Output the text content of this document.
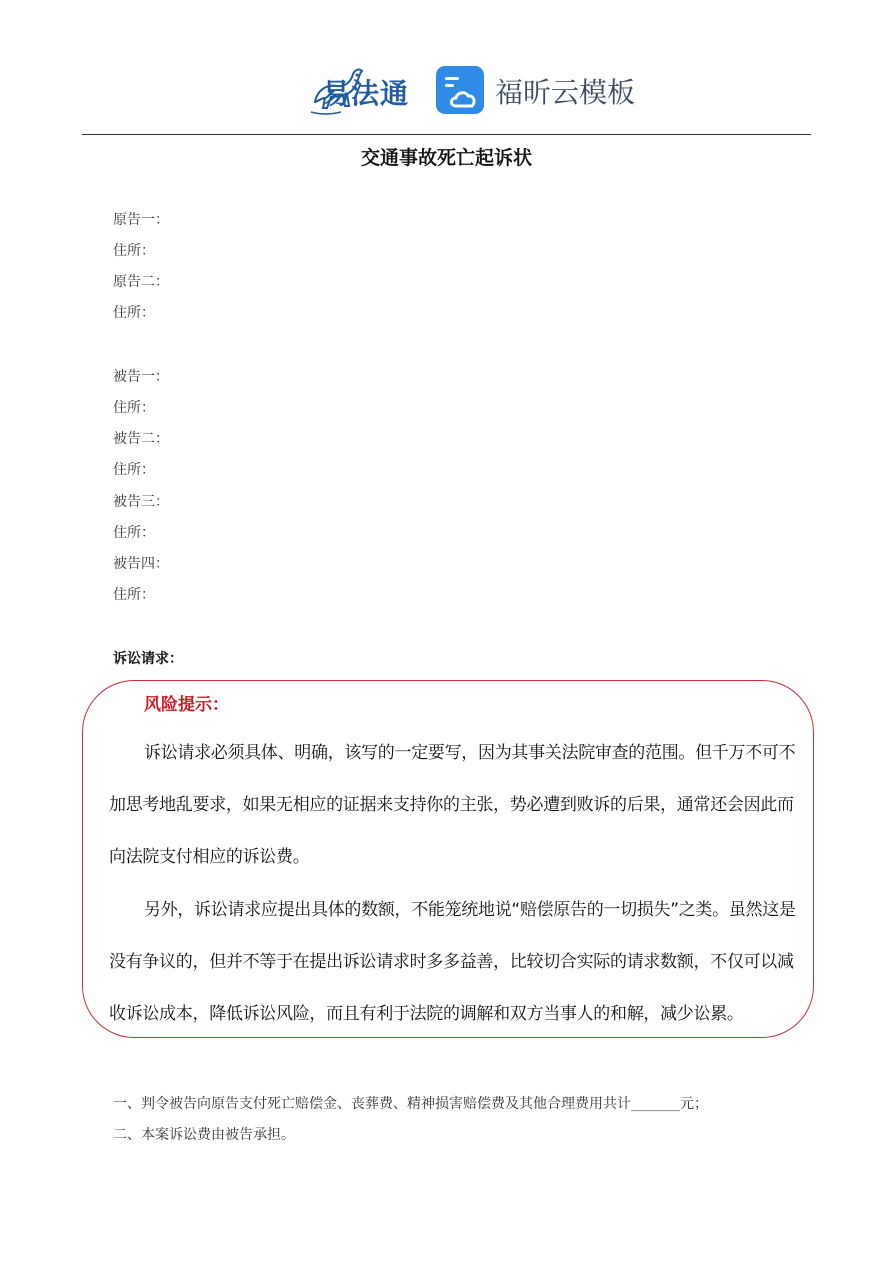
易法通	福昕云模板
交通事故死亡起诉状
原告一：
住所：
原告二：
住所：
被告一：
住所：
被告二：
住所：
被告三：
住所：
被告四：
住所：
诉讼请求：
风险提示：

诉讼请求必须具体、明确，该写的一定要写，因为其事关法院审查的范围。但千万不可不加思考地乱要求，如果无相应的证据来支持你的主张，势必遭到败诉的后果，通常还会因此而向法院支付相应的诉讼费。

另外，诉讼请求应提出具体的数额，不能笼统地说“赔偿原告的一切损失”之类。虽然这是没有争议的，但并不等于在提出诉讼请求时多多益善，比较切合实际的请求数额，不仅可以减收诉讼成本，降低诉讼风险，而且有利于法院的调解和双方当事人的和解，减少讼累。

一、判令被告向原告支付死亡赔偿金、丧葬费、精神损害赔偿费及其他合理费用共计_______元；
二、本案诉讼费由被告承担。
